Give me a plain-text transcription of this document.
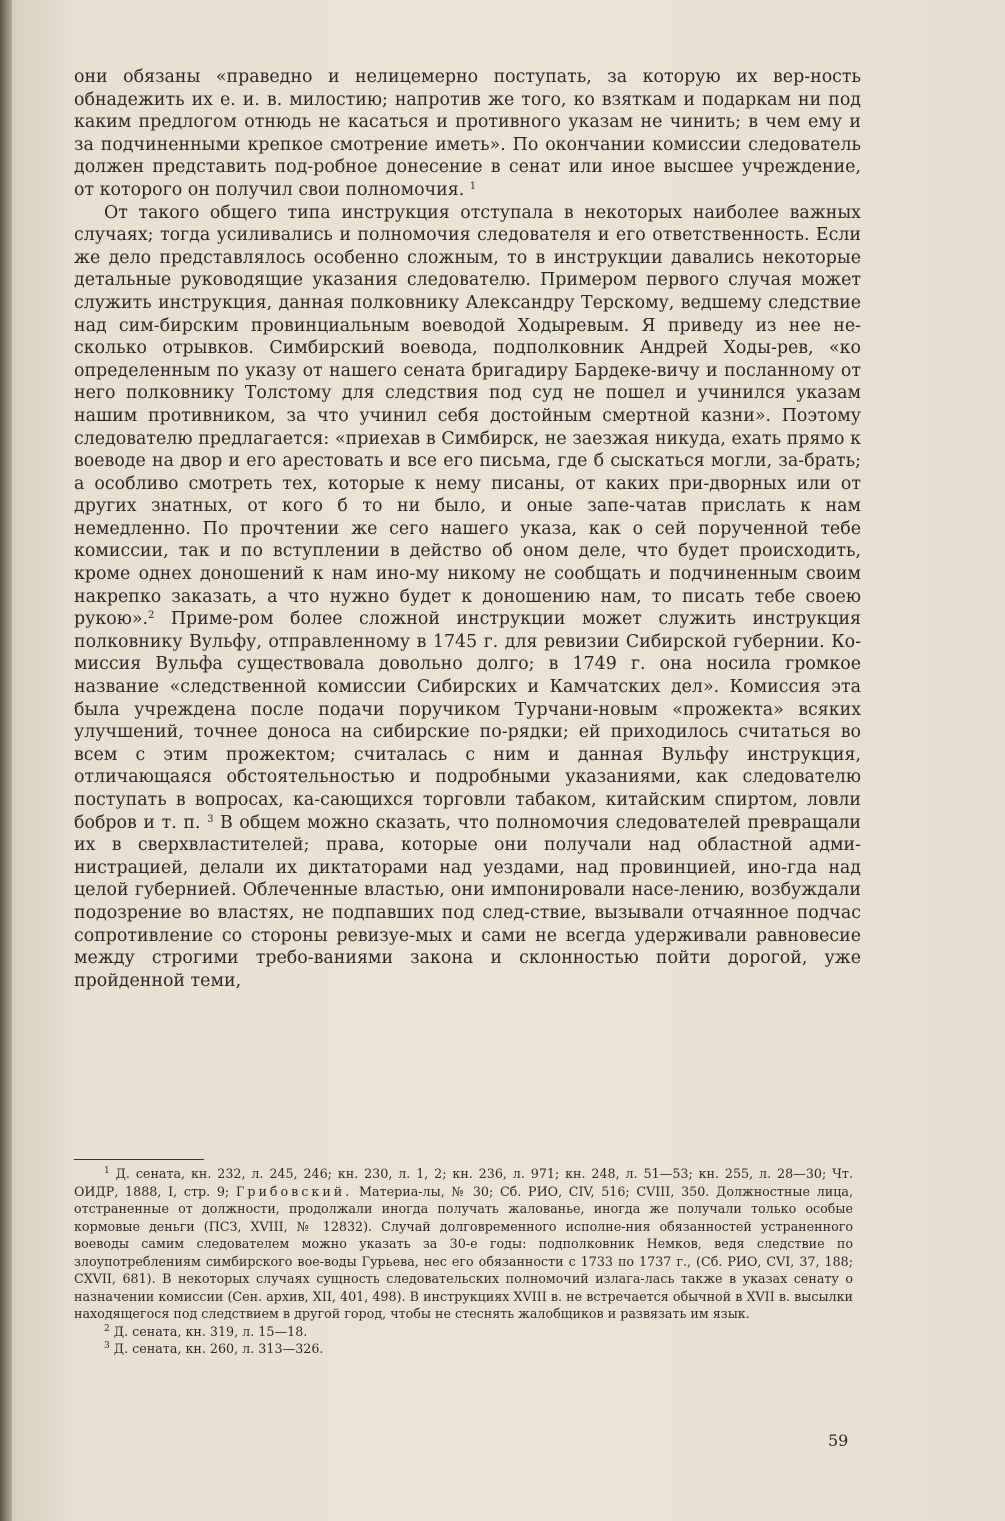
они обязаны «праведно и нелицемерно поступать, за которую их вер-ность обнадежить их е. и. в. милостию; напротив же того, ко взяткам и подаркам ни под каким предлогом отнюдь не касаться и противного указам не чинить; в чем ему и за подчиненными крепкое смотрение иметь». По окончании комиссии следователь должен представить под-робное донесение в сенат или иное высшее учреждение, от которого он получил свои полномочия. $^1$

От такого общего типа инструкция отступала в некоторых наиболее важных случаях; тогда усиливались и полномочия следователя и его ответственность. Если же дело представлялось особенно сложным, то в инструкции давались некоторые детальные руководящие указания следователю. Примером первого случая может служить инструкция, данная полковнику Александру Терскому, ведшему следствие над сим-бирским провинциальным воеводой Ходыревым. Я приведу из нее не-сколько отрывков. Симбирский воевода, подполковник Андрей Ходы-рев, «ко определенным по указу от нашего сената бригадиру Бардеке-вичу и посланному от него полковнику Толстому для следствия под суд не пошел и учинился указам нашим противником, за что учинил себя достойным смертной казни». Поэтому следователю предлагается: «приехав в Симбирск, не заезжая никуда, ехать прямо к воеводе на двор и его арестовать и все его письма, где б сыскаться могли, за-брать; а особливо смотреть тех, которые к нему писаны, от каких при-дворных или от других знатных, от кого б то ни было, и оные запе-чатав прислать к нам немедленно. По прочтении же сего нашего указа, как о сей порученной тебе комиссии, так и по вступлении в действо об оном деле, что будет происходить, кроме однех доношений к нам ино-му никому не сообщать и подчиненным своим накрепко заказать, а что нужно будет к доношению нам, то писать тебе своею рукою».$^2$ Приме-ром более сложной инструкции может служить инструкция полковнику Вульфу, отправленному в 1745 г. для ревизии Сибирской губернии. Ко-миссия Вульфа существовала довольно долго; в 1749 г. она носила громкое название «следственной комиссии Сибирских и Камчатских дел». Комиссия эта была учреждена после подачи поручиком Турчани-новым «прожекта» всяких улучшений, точнее доноса на сибирские по-рядки; ей приходилось считаться во всем с этим прожектом; считалась с ним и данная Вульфу инструкция, отличающаяся обстоятельностью и подробными указаниями, как следователю поступать в вопросах, ка-сающихся торговли табаком, китайским спиртом, ловли бобров и т. п. $^3$ В общем можно сказать, что полномочия следователей превращали их в сверхвластителей; права, которые они получали над областной адми-нистрацией, делали их диктаторами над уездами, над провинцией, ино-гда над целой губернией. Облеченные властью, они импонировали насе-лению, возбуждали подозрение во властях, не подпавших под след-ствие, вызывали отчаянное подчас сопротивление со стороны ревизуе-мых и сами не всегда удерживали равновесие между строгими требо-ваниями закона и склонностью пойти дорогой, уже пройденной теми,

$^1$ Д. сената, кн. 232, л. 245, 246; кн. 230, л. 1, 2; кн. 236, л. 971; кн. 248, л. 51—53; кн. 255, л. 28—30; Чт. ОИДР, 1888, I, стр. 9; Грибовский. Материа-лы, № 30; Сб. РИО, CIV, 516; CVIII, 350. Должностные лица, отстраненные от должности, продолжали иногда получать жалованье, иногда же получали только особые кормовые деньги (ПСЗ, XVIII, № 12832). Случай долговременного исполне-ния обязанностей устраненного воеводы самим следователем можно указать за 30-е годы: подполковник Немков, ведя следствие по злоупотреблениям симбирского вое-воды Гурьева, нес его обязанности с 1733 по 1737 г., (Сб. РИО, CVI, 37, 188; CXVII, 681). В некоторых случаях сущность следовательских полномочий излага-лась также в указах сенату о назначении комиссии (Сен. архив, XII, 401, 498). В инструкциях XVIII в. не встречается обычной в XVII в. высылки находящегося под следствием в другой город, чтобы не стеснять жалобщиков и развязать им язык.

$^2$ Д. сената, кн. 319, л. 15—18.

$^3$ Д. сената, кн. 260, л. 313—326.

59
